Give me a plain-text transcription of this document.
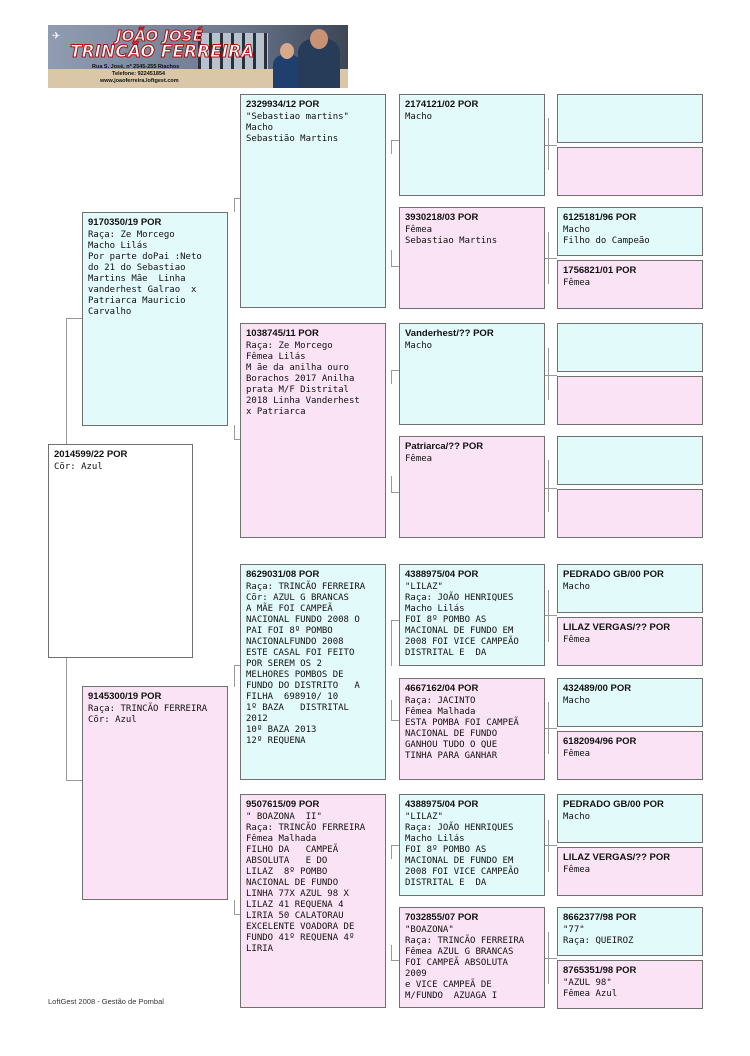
✈	JOÃO JOSÉ
TRINCÃO FERREIRA
Rua S. José, nº 2545-255 Riachos
Telefone: 922451854
www.joaoferreira.loftgest.com
2014599/22 POR
Cõr: Azul
9170350/19 POR
Raça: Ze Morcego
Macho Lilás
Por parte doPai :Neto
do 21 do Sebastiao
Martins Mãe  Linha
vanderhest Galrao  x
Patriarca Mauricio
Carvalho
9145300/19 POR
Raça: TRINCÃO FERREIRA
Cõr: Azul
2329934/12 POR
"Sebastiao martins"
Macho
Sebastião Martins
1038745/11 POR
Raça: Ze Morcego
Fêmea Lilás
M ãe da anilha ouro
Borachos 2017 Anilha
prata M/F Distrital
2018 Linha Vanderhest
x Patriarca
8629031/08 POR
Raça: TRINCÃO FERREIRA
Cõr: AZUL G BRANCAS
A MÃE FOI CAMPEÃ
NACIONAL FUNDO 2008 O
PAI FOI 8º POMBO
NACIONALFUNDO 2008
ESTE CASAL FOI FEITO
POR SEREM OS 2
MELHORES POMBOS DE
FUNDO DO DISTRITO   A
FILHA  698910/ 10
1º BAZA   DISTRITAL
2012
10º BAZA 2013
12º REQUENA
9507615/09 POR
" BOAZONA  II"
Raça: TRINCÃO FERREIRA
Fêmea Malhada
FILHO DA   CAMPEÃ
ABSOLUTA   E DO
LILAZ  8º POMBO
NACIONAL DE FUNDO
LINHA 77X AZUL 98 X
LILAZ 41 REQUENA 4
LIRIA 50 CALATORAU
EXCELENTE VOADORA DE
FUNDO 41º REQUENA 4º
LIRIA
2174121/02 POR
Macho
3930218/03 POR
Fêmea
Sebastiao Martins
Vanderhest/?? POR
Macho
Patriarca/?? POR
Fêmea
4388975/04 POR
"LILAZ"
Raça: JOÃO HENRIQUES
Macho Lilás
FOI 8º POMBO AS
MACIONAL DE FUNDO EM
2008 FOI VICE CAMPEÃO
DISTRITAL E  DA
4667162/04 POR
Raça: JACINTO
Fêmea Malhada
ESTA POMBA FOI CAMPEÃ
NACIONAL DE FUNDO
GANHOU TUDO O QUE
TINHA PARA GANHAR
4388975/04 POR
"LILAZ"
Raça: JOÃO HENRIQUES
Macho Lilás
FOI 8º POMBO AS
MACIONAL DE FUNDO EM
2008 FOI VICE CAMPEÃO
DISTRITAL E  DA
7032855/07 POR
"BOAZONA"
Raça: TRINCÃO FERREIRA
Fêmea AZUL G BRANCAS
FOI CAMPEÃ ABSOLUTA
2009
e VICE CAMPEÃ DE
M/FUNDO  AZUAGA I
6125181/96 POR
Macho
Filho do Campeão
1756821/01 POR
Fêmea
PEDRADO GB/00 POR
Macho
LILAZ VERGAS/?? POR
Fêmea
432489/00 POR
Macho
6182094/96 POR
Fêmea
PEDRADO GB/00 POR
Macho
LILAZ VERGAS/?? POR
Fêmea
8662377/98 POR
"77"
Raça: QUEIROZ
8765351/98 POR
"AZUL 98"
Fêmea Azul
LoftGest 2008 - Gestão de Pombal
